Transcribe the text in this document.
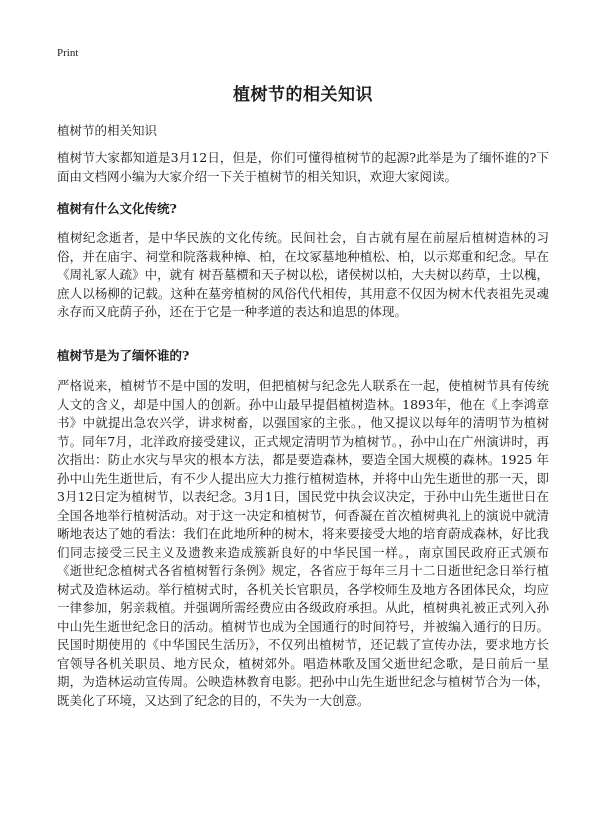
Print
植树节的相关知识
植树节的相关知识

植树节大家都知道是3月12日，但是，你们可懂得植树节的起源?此举是为了缅怀谁的?下面由文档网小编为大家介绍一下关于植树节的相关知识，欢迎大家阅读。

植树有什么文化传统?

植树纪念逝者，是中华民族的文化传统。民间社会，自古就有屋在前屋后植树造林的习俗，并在庙宇、祠堂和院落栽种樟、柏，在坟冢墓地种植松、柏，以示郑重和纪念。早在《周礼冢人疏》中，就有 树吾墓槚和天子树以松，诸侯树以柏，大夫树以药草，士以槐，庶人以杨柳的记载。这种在墓旁植树的风俗代代相传，其用意不仅因为树木代表祖先灵魂永存而又庇荫子孙，还在于它是一种孝道的表达和追思的体现。

植树节是为了缅怀谁的?

严格说来，植树节不是中国的发明，但把植树与纪念先人联系在一起，使植树节具有传统人文的含义，却是中国人的创新。孙中山最早提倡植树造林。1893年，他在《上李鸿章书》中就提出急农兴学，讲求树畜，以强国家的主张。，他又提议以每年的清明节为植树节。同年7月，北洋政府接受建议，正式规定清明节为植树节。，孙中山在广州演讲时，再次指出：防止水灾与旱灾的根本方法，都是要造森林，要造全国大规模的森林。1925 年孙中山先生逝世后，有不少人提出应大力推行植树造林，并将中山先生逝世的那一天，即3月12日定为植树节，以表纪念。3月1日，国民党中执会议决定，于孙中山先生逝世日在全国各地举行植树活动。对于这一决定和植树节，何香凝在首次植树典礼上的演说中就清晰地表达了她的看法：我们在此地所种的树木，将来要接受大地的培育蔚成森林，好比我们同志接受三民主义及遗教来造成簇新良好的中华民国一样。，南京国民政府正式颁布《逝世纪念植树式各省植树暂行条例》规定，各省应于每年三月十二日逝世纪念日举行植树式及造林运动。举行植树式时，各机关长官职员，各学校师生及地方各团体民众，均应一律参加，躬亲栽植。并强调所需经费应由各级政府承担。从此，植树典礼被正式列入孙中山先生逝世纪念日的活动。植树节也成为全国通行的时间符号，并被编入通行的日历。民国时期使用的《中华国民生活历》，不仅列出植树节，还记载了宣传办法，要求地方长官领导各机关职员、地方民众，植树郊外。唱造林歌及国父逝世纪念歌，是日前后一星期，为造林运动宣传周。公映造林教育电影。把孙中山先生逝世纪念与植树节合为一体，既美化了环境，又达到了纪念的目的，不失为一大创意。
